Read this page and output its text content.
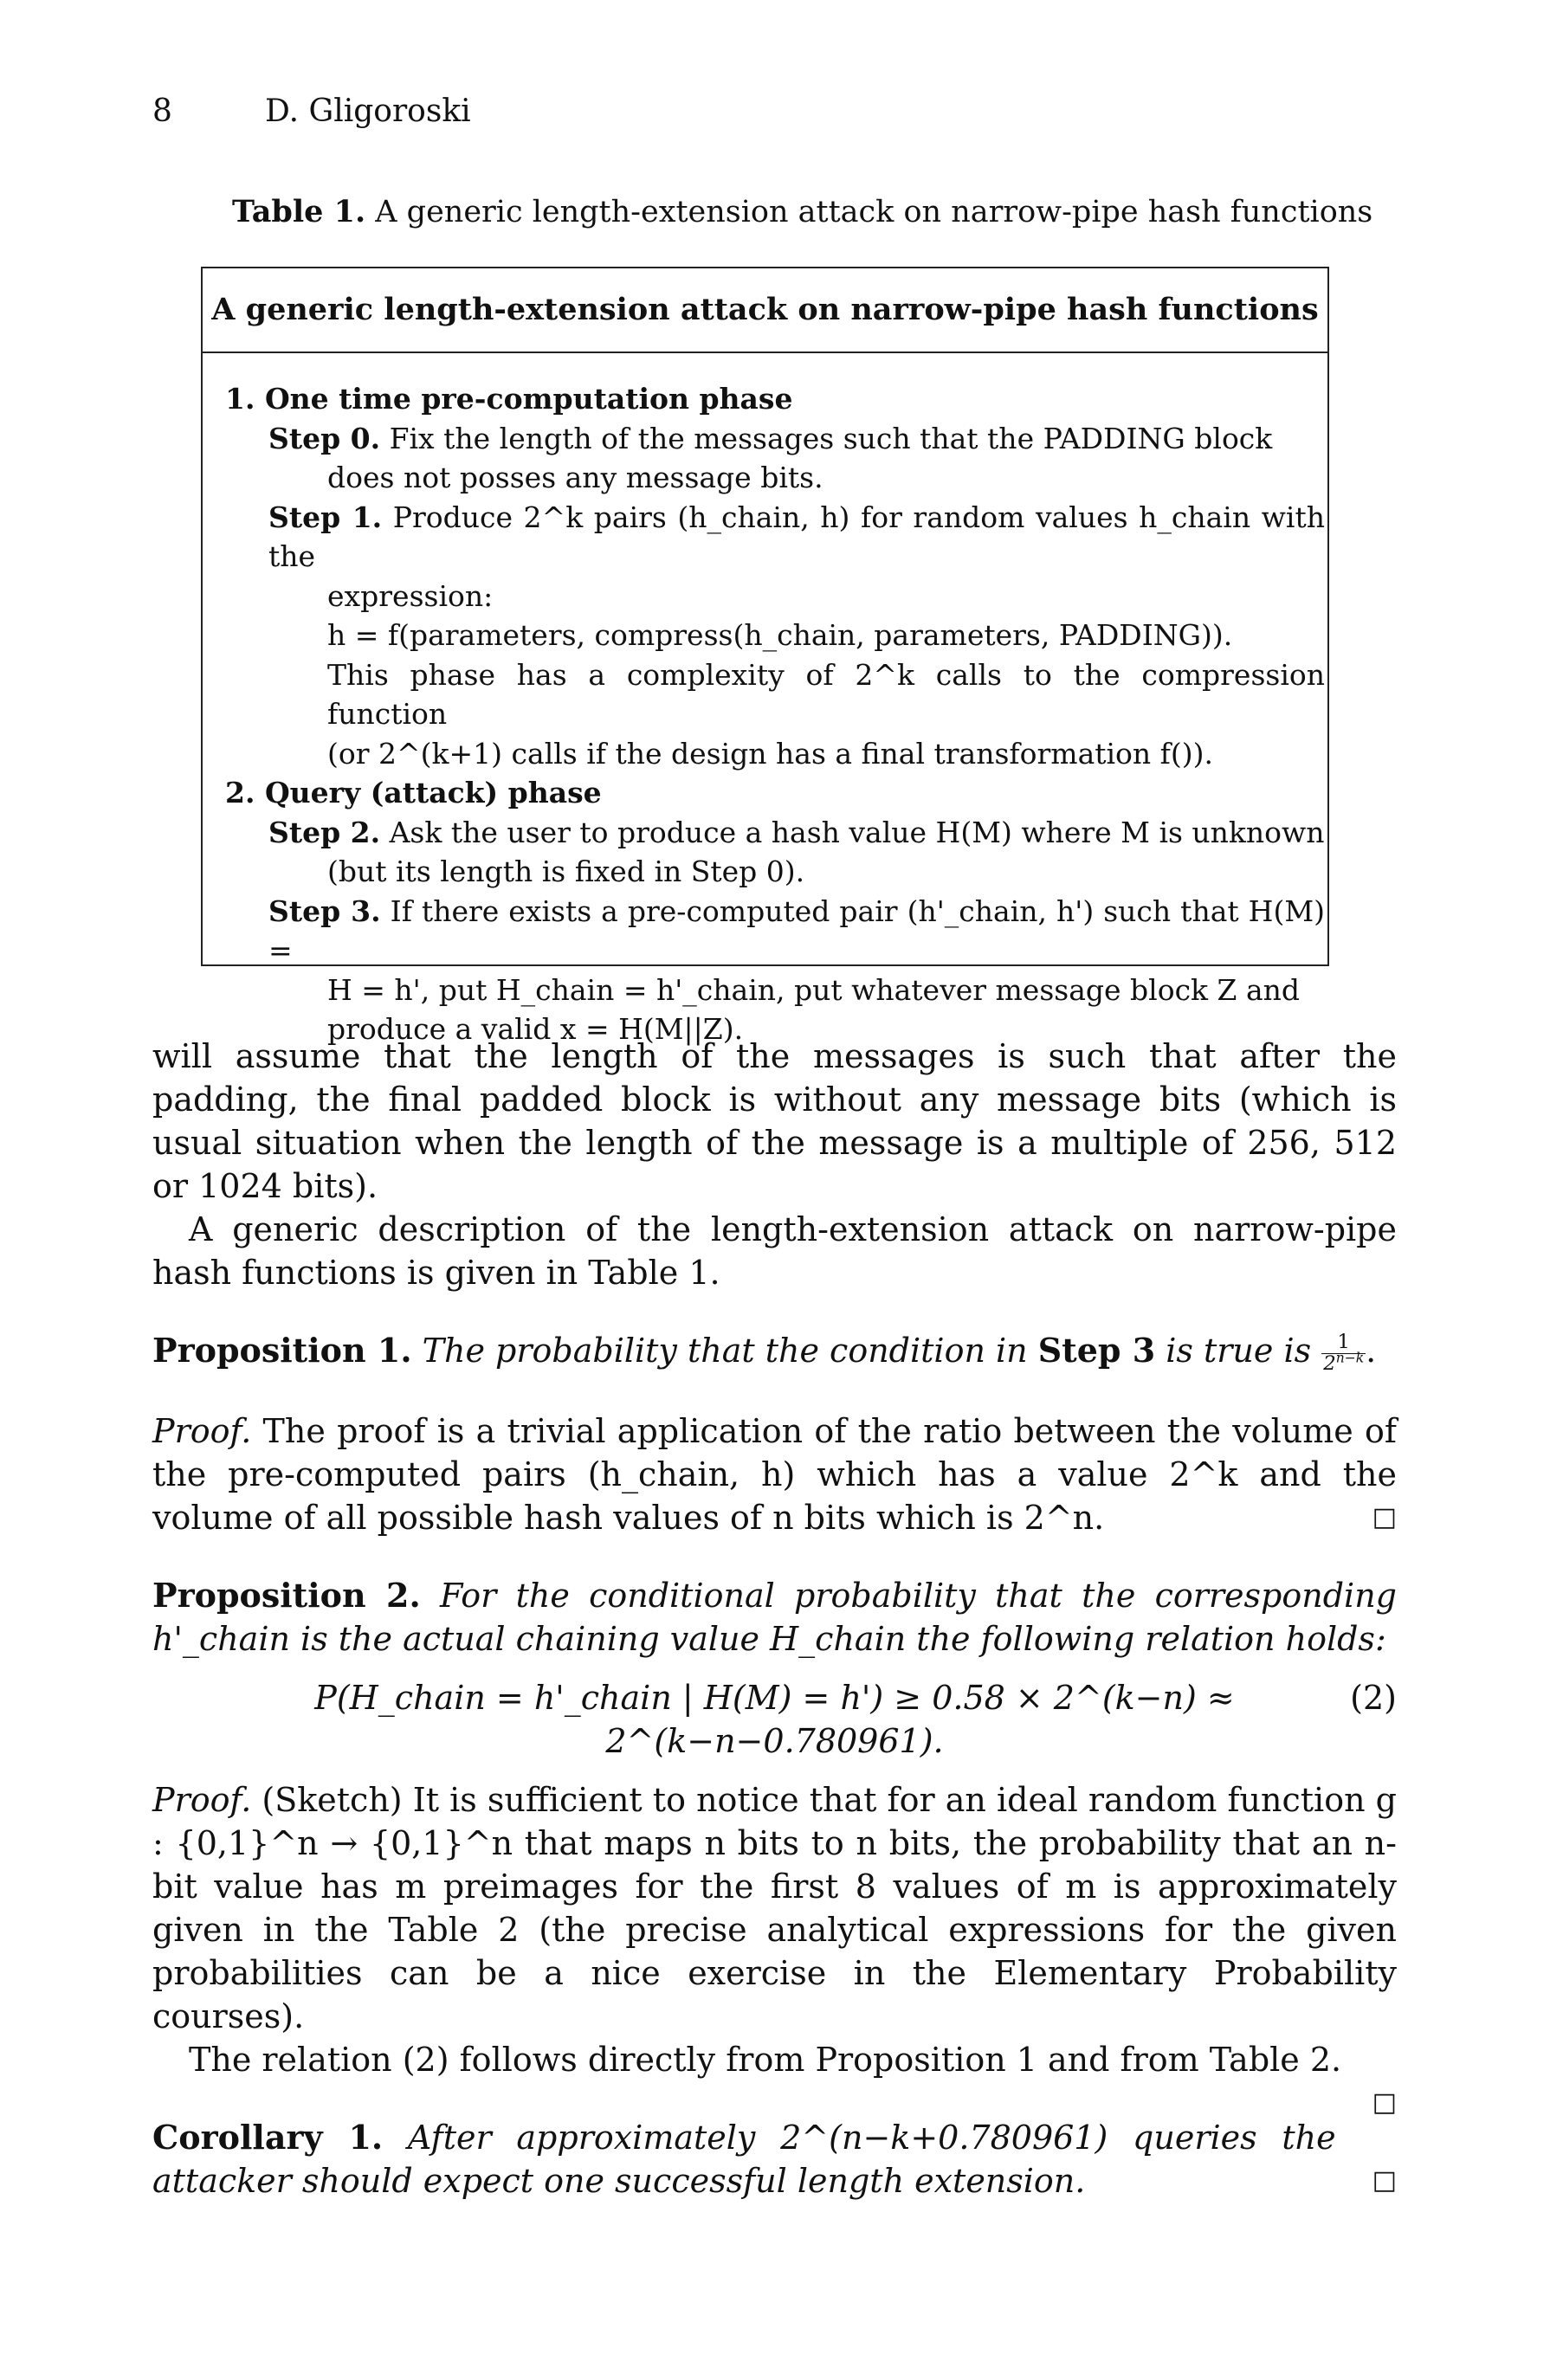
8	D. Gligoroski
Table 1. A generic length-extension attack on narrow-pipe hash functions
A generic length-extension attack on narrow-pipe hash functions
1. One time pre-computation phase
Step 0. Fix the length of the messages such that the PADDING block
does not posses any message bits.
Step 1. Produce 2^k pairs (h_chain, h) for random values h_chain with the
expression:
h = f(parameters, compress(h_chain, parameters, PADDING)).
This phase has a complexity of 2^k calls to the compression function
(or 2^(k+1) calls if the design has a final transformation f()).
2. Query (attack) phase
Step 2. Ask the user to produce a hash value H(M) where M is unknown
(but its length is fixed in Step 0).
Step 3. If there exists a pre-computed pair (h'_chain, h') such that H(M) =
H = h', put H_chain = h'_chain, put whatever message block Z and
produce a valid x = H(M||Z).

will assume that the length of the messages is such that after the padding, the final padded block is without any message bits (which is usual situation when the length of the message is a multiple of 256, 512 or 1024 bits).

A generic description of the length-extension attack on narrow-pipe hash functions is given in Table 1.

Proposition 1. The probability that the condition in Step 3 is true is $\frac{1}{2^{n-k}}$ .

Proof. The proof is a trivial application of the ratio between the volume of the pre-computed pairs (h_chain, h) which has a value 2^k and the volume of all possible hash values of n bits which is 2^n.	□

Proposition 2. For the conditional probability that the corresponding h'_chain is the actual chaining value H_chain the following relation holds:

P(H_chain = h'_chain | H(M) = h') ≥ 0.58 × 2^(k−n) ≈ 2^(k−n−0.780961).
(2)

Proof. (Sketch) It is sufficient to notice that for an ideal random function g : {0,1}^n → {0,1}^n that maps n bits to n bits, the probability that an n-bit value has m preimages for the first 8 values of m is approximately given in the Table 2 (the precise analytical expressions for the given probabilities can be a nice exercise in the Elementary Probability courses).

The relation (2) follows directly from Proposition 1 and from Table 2.
□

Corollary 1. After approximately 2^(n−k+0.780961) queries the attacker should expect one successful length extension.	□
